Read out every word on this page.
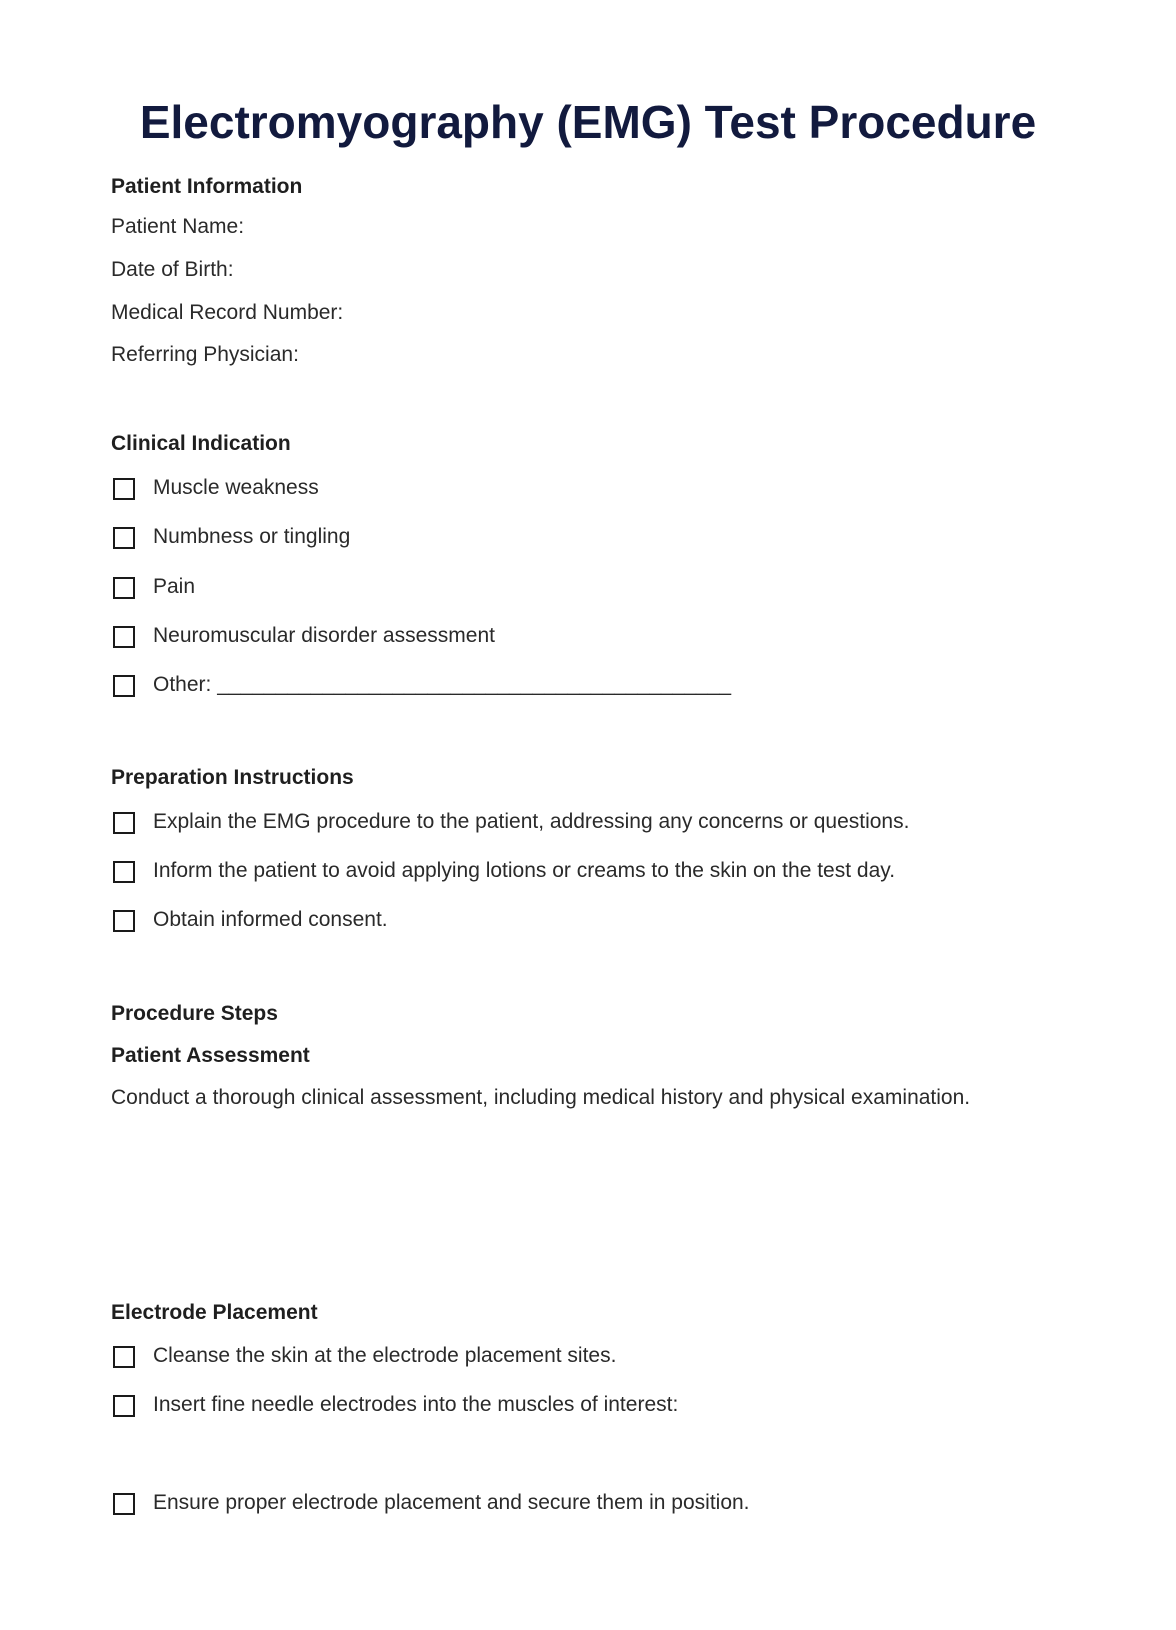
Electromyography (EMG) Test Procedure
Patient Information
Patient Name:
Date of Birth:
Medical Record Number:
Referring Physician:
Clinical Indication
Muscle weakness
Numbness or tingling
Pain
Neuromuscular disorder assessment
Other: ____________________________________________
Preparation Instructions
Explain the EMG procedure to the patient, addressing any concerns or questions.
Inform the patient to avoid applying lotions or creams to the skin on the test day.
Obtain informed consent.
Procedure Steps
Patient Assessment
Conduct a thorough clinical assessment, including medical history and physical examination.
Electrode Placement
Cleanse the skin at the electrode placement sites.
Insert fine needle electrodes into the muscles of interest:
Ensure proper electrode placement and secure them in position.
